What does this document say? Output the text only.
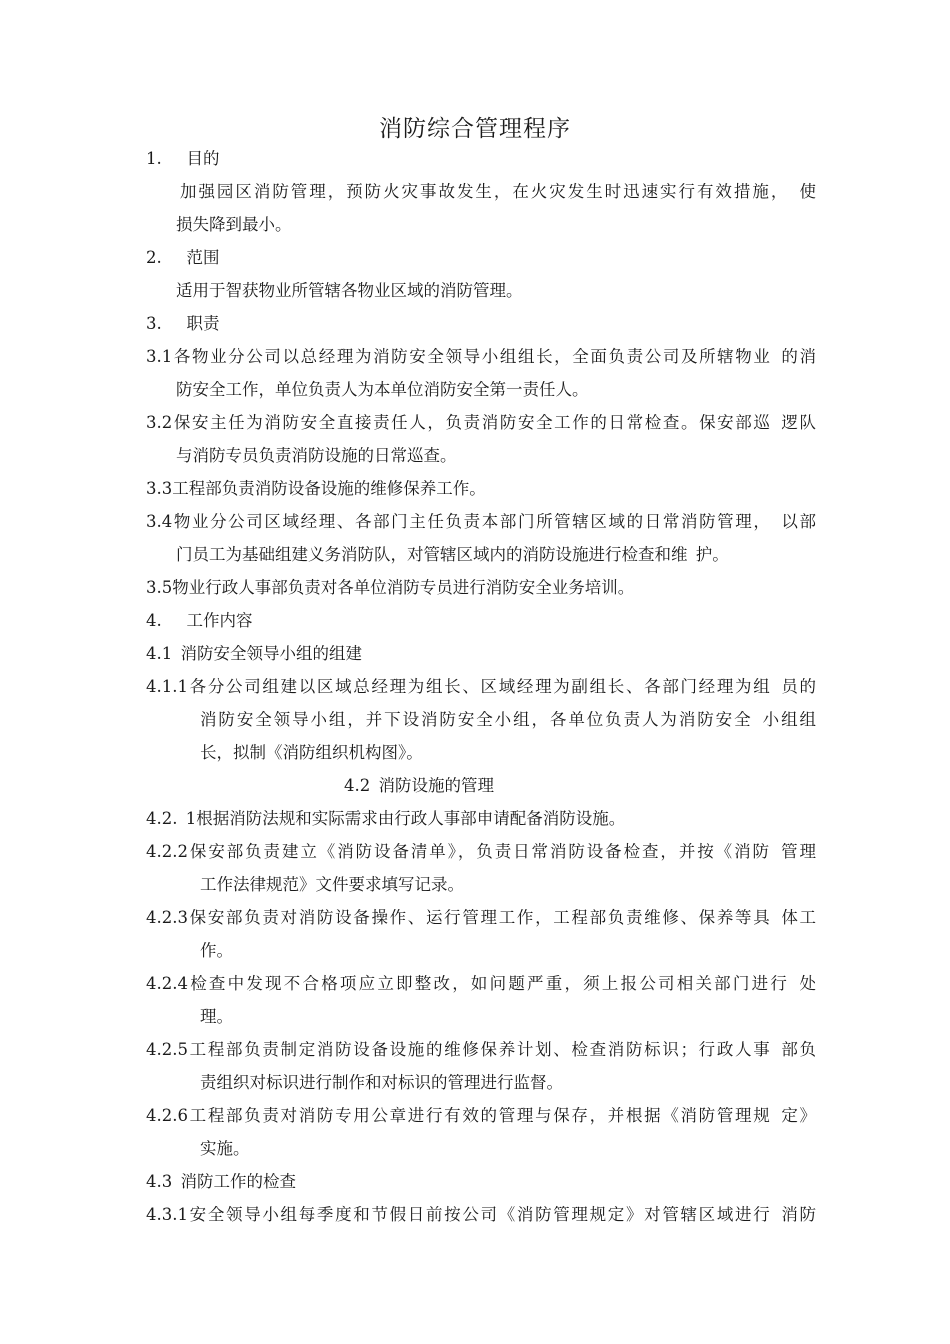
消防综合管理程序
1.　 目的
加强园区消防管理，预防火灾事故发生，在火灾发生时迅速实行有效措施，　使
损失降到最小。
2.　 范围
适用于智获物业所管辖各物业区域的消防管理。
3.　 职责
3.1各物业分公司以总经理为消防安全领导小组组长，全面负责公司及所辖物业 的消
防安全工作，单位负责人为本单位消防安全第一责任人。
3.2保安主任为消防安全直接责任人，负责消防安全工作的日常检查。保安部巡 逻队
与消防专员负责消防设施的日常巡查。
3.3工程部负责消防设备设施的维修保养工作。
3.4物业分公司区域经理、各部门主任负责本部门所管辖区域的日常消防管理，　以部
门员工为基础组建义务消防队，对管辖区域内的消防设施进行检查和维 护。
3.5物业行政人事部负责对各单位消防专员进行消防安全业务培训。
4.　 工作内容
4.1 消防安全领导小组的组建
4.1.1各分公司组建以区域总经理为组长、区域经理为副组长、各部门经理为组 员的
消防安全领导小组，并下设消防安全小组，各单位负责人为消防安全 小组组
长，拟制《消防组织机构图》。
4.2 消防设施的管理
4.2. 1根据消防法规和实际需求由行政人事部申请配备消防设施。
4.2.2保安部负责建立《消防设备清单》，负责日常消防设备检查，并按《消防 管理
工作法律规范》文件要求填写记录。
4.2.3保安部负责对消防设备操作、运行管理工作，工程部负责维修、保养等具 体工
作。
4.2.4检查中发现不合格项应立即整改，如问题严重，须上报公司相关部门进行 处
理。
4.2.5工程部负责制定消防设备设施的维修保养计划、检查消防标识；行政人事 部负
责组织对标识进行制作和对标识的管理进行监督。
4.2.6工程部负责对消防专用公章进行有效的管理与保存，并根据《消防管理规 定》
实施。
4.3 消防工作的检查
4.3.1安全领导小组每季度和节假日前按公司《消防管理规定》对管辖区域进行 消防
